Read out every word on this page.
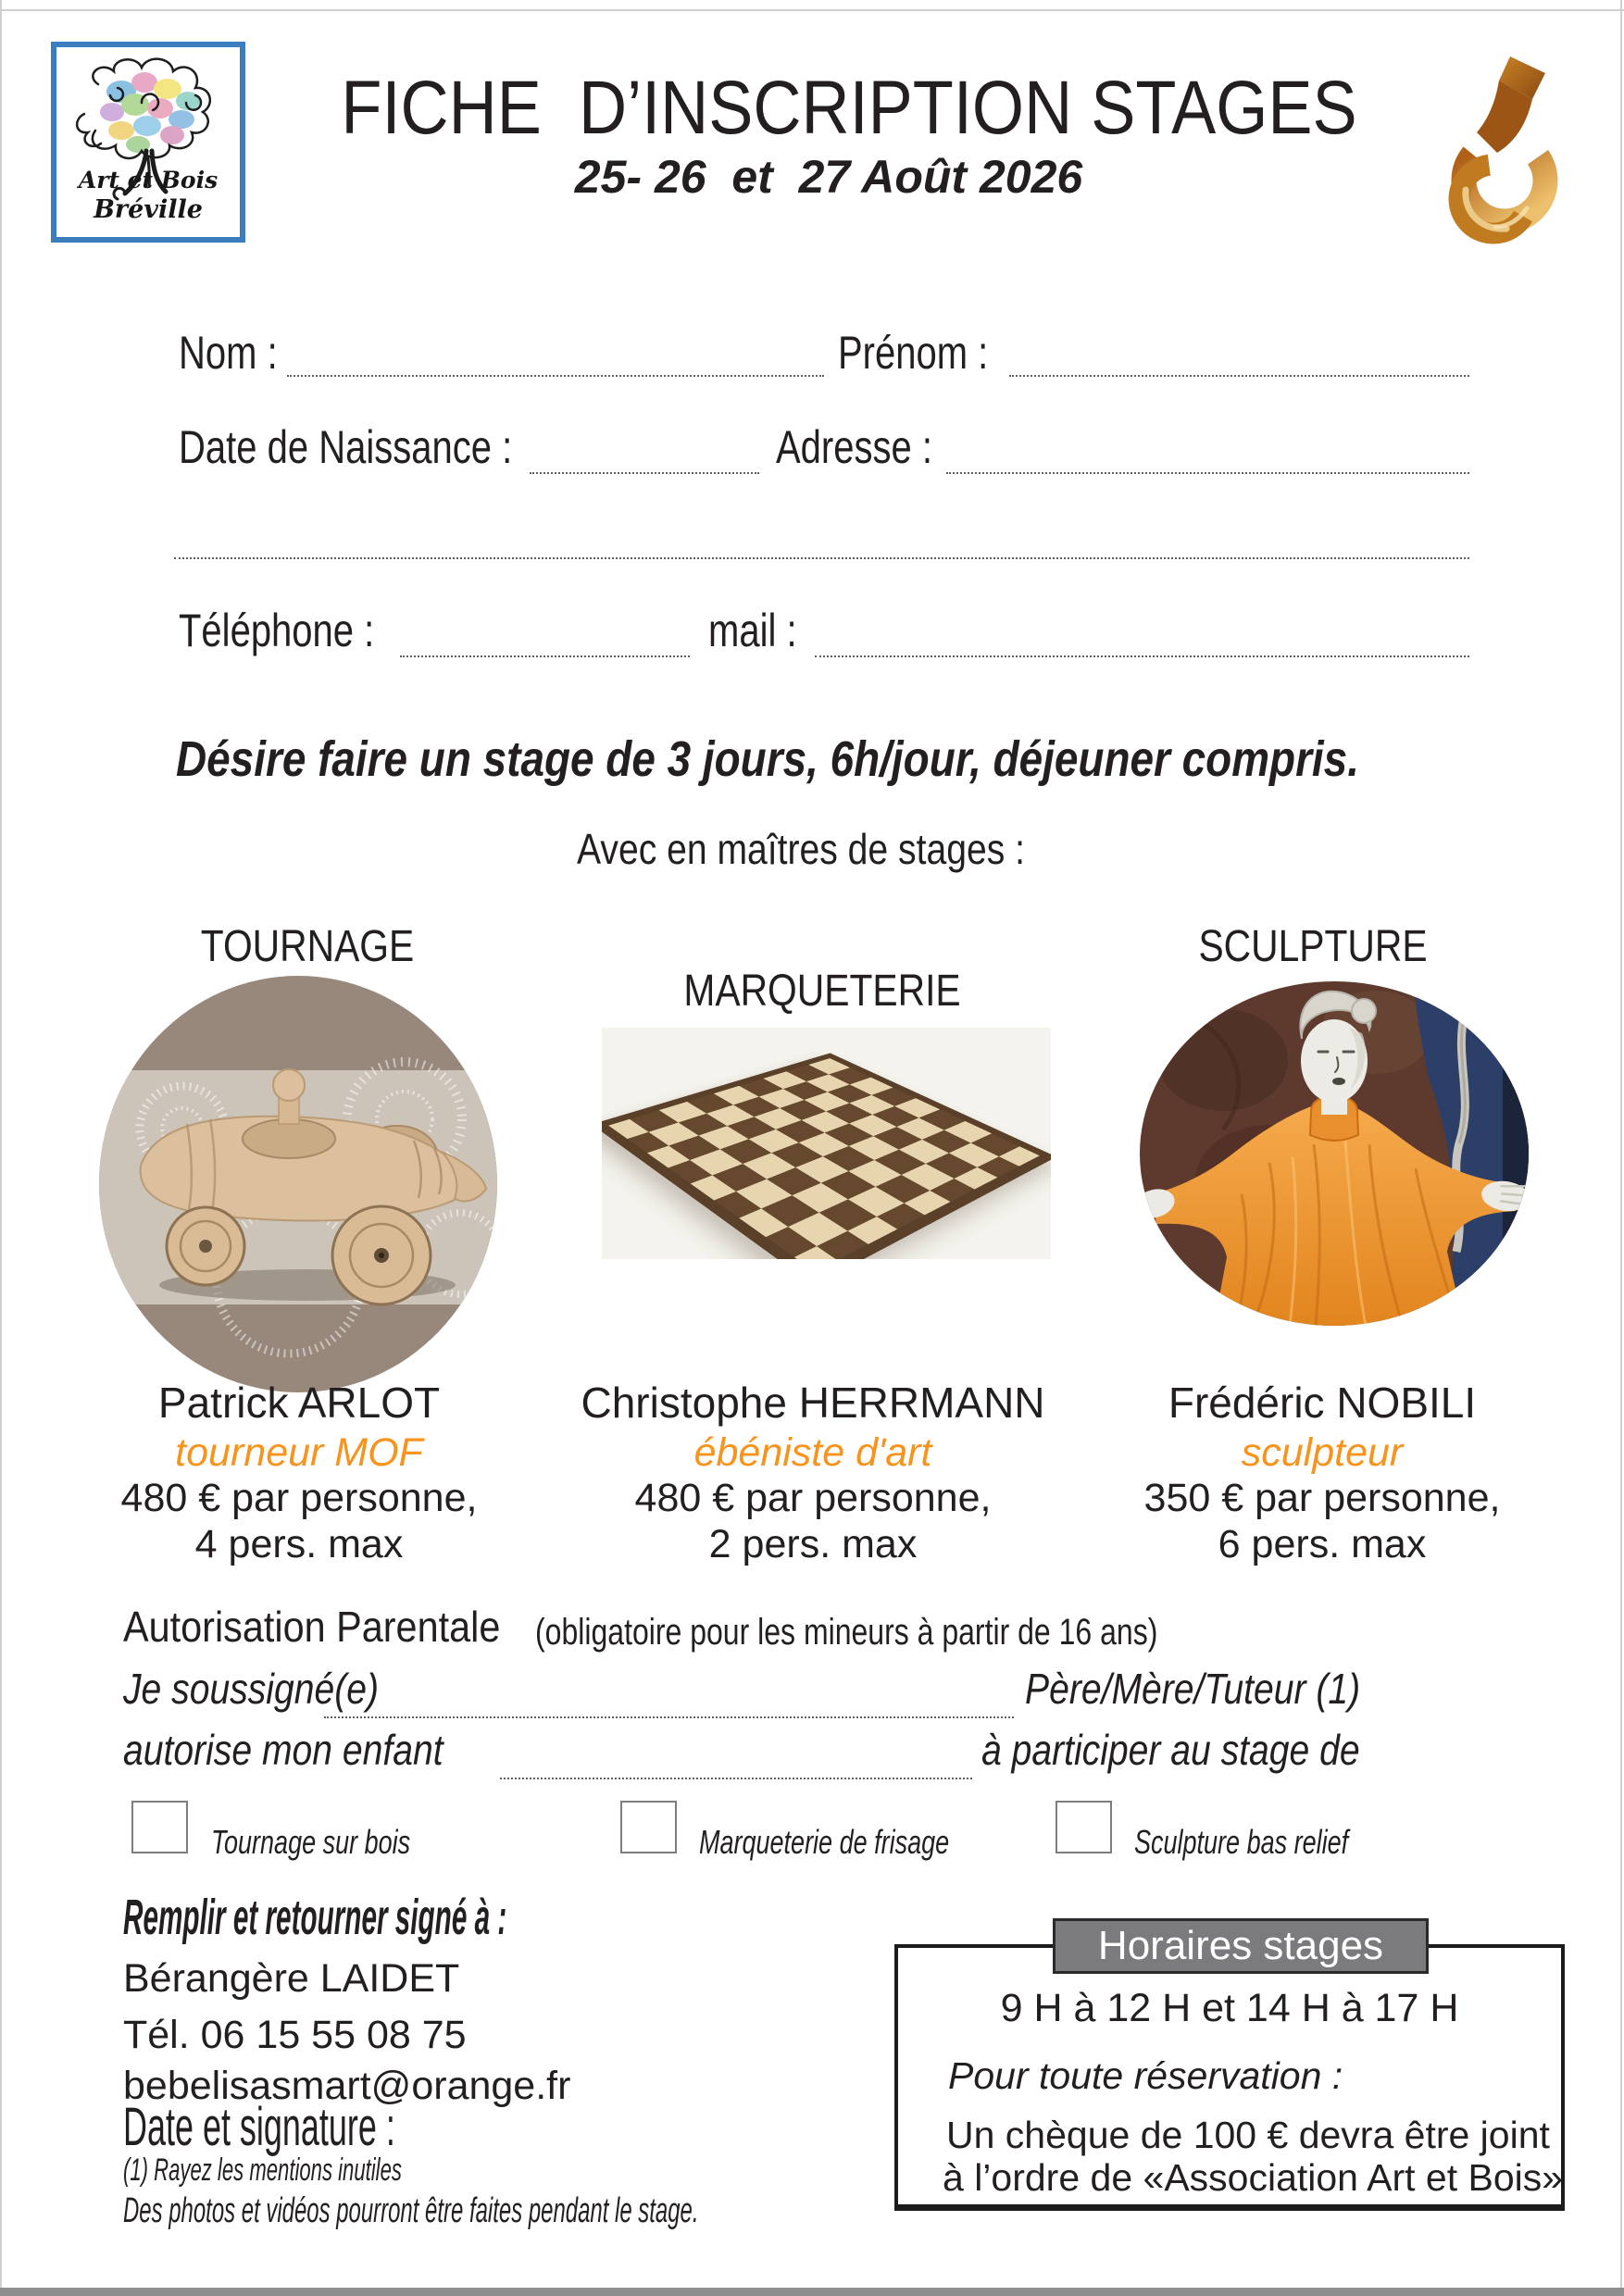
Art et Bois
Bréville
FICHE  D’INSCRIPTION STAGES
25- 26  et  27 Août 2026
Nom :	Prénom :
Date de Naissance :	Adresse :
Téléphone :	mail :
Désire faire un stage de 3 jours, 6h/jour, déjeuner compris.
Avec en maîtres de stages :
TOURNAGE
MARQUETERIE
SCULPTURE
Patrick ARLOT	Christophe HERRMANN	Frédéric NOBILI
tourneur MOF	ébéniste d'art	sculpteur
480 € par personne,	480 € par personne,	350 € par personne,
4 pers. max	2 pers. max	6 pers. max
Autorisation Parentale (obligatoire pour les mineurs à partir de 16 ans)
Je soussigné(e)	Père/Mère/Tuteur (1)
autorise mon enfant	à participer au stage de
Tournage sur bois	Marqueterie de frisage	Sculpture bas relief
Remplir et retourner signé à :
Bérangère LAIDET
Tél. 06 15 55 08 75
bebelisasmart@orange.fr
Date et signature :
(1) Rayez les mentions inutiles
Des photos et vidéos pourront être faites pendant le stage.
Horaires stages
9 H à 12 H et 14 H à 17 H
Pour toute réservation :
Un chèque de 100 € devra être joint
à l’ordre de «Association Art et Bois»
